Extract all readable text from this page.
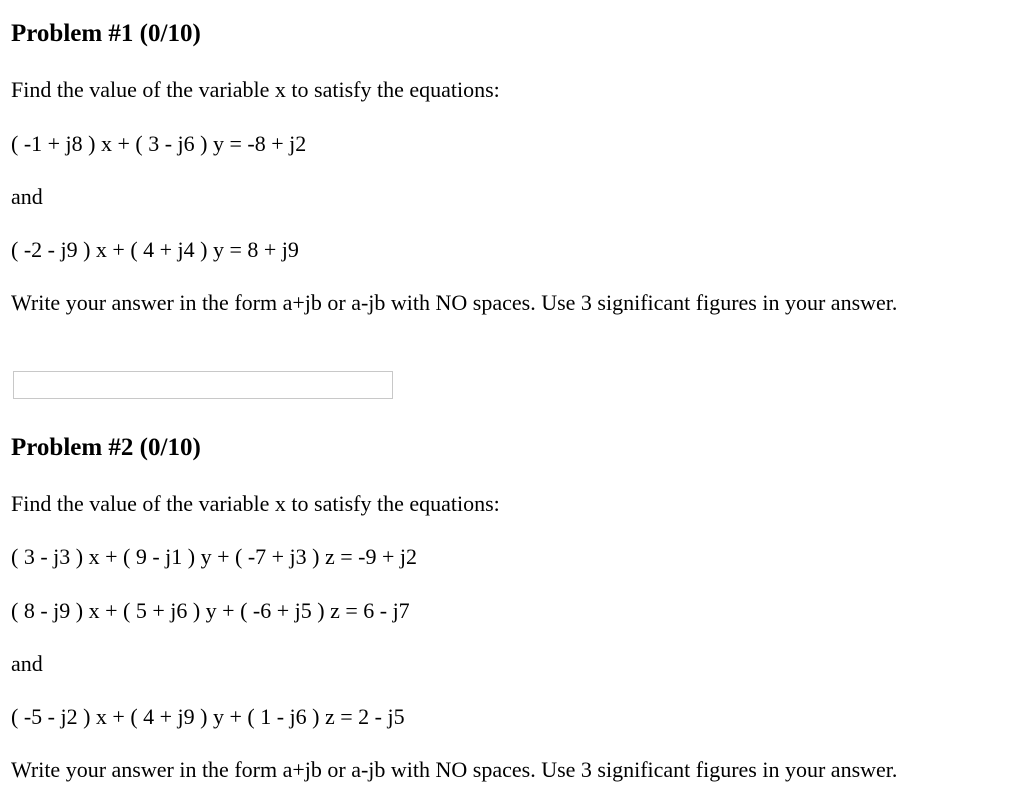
Problem #1 (0/10)

Find the value of the variable x to satisfy the equations:

( -1 + j8 ) x + ( 3 - j6 ) y = -8 + j2

and

( -2 - j9 ) x + ( 4 + j4 ) y = 8 + j9

Write your answer in the form a+jb or a-jb with NO spaces. Use 3 significant figures in your answer.

Problem #2 (0/10)

Find the value of the variable x to satisfy the equations:

( 3 - j3 ) x + ( 9 - j1 ) y + ( -7 + j3 ) z = -9 + j2

( 8 - j9 ) x + ( 5 + j6 ) y + ( -6 + j5 ) z = 6 - j7

and

( -5 - j2 ) x + ( 4 + j9 ) y + ( 1 - j6 ) z = 2 - j5

Write your answer in the form a+jb or a-jb with NO spaces. Use 3 significant figures in your answer.
